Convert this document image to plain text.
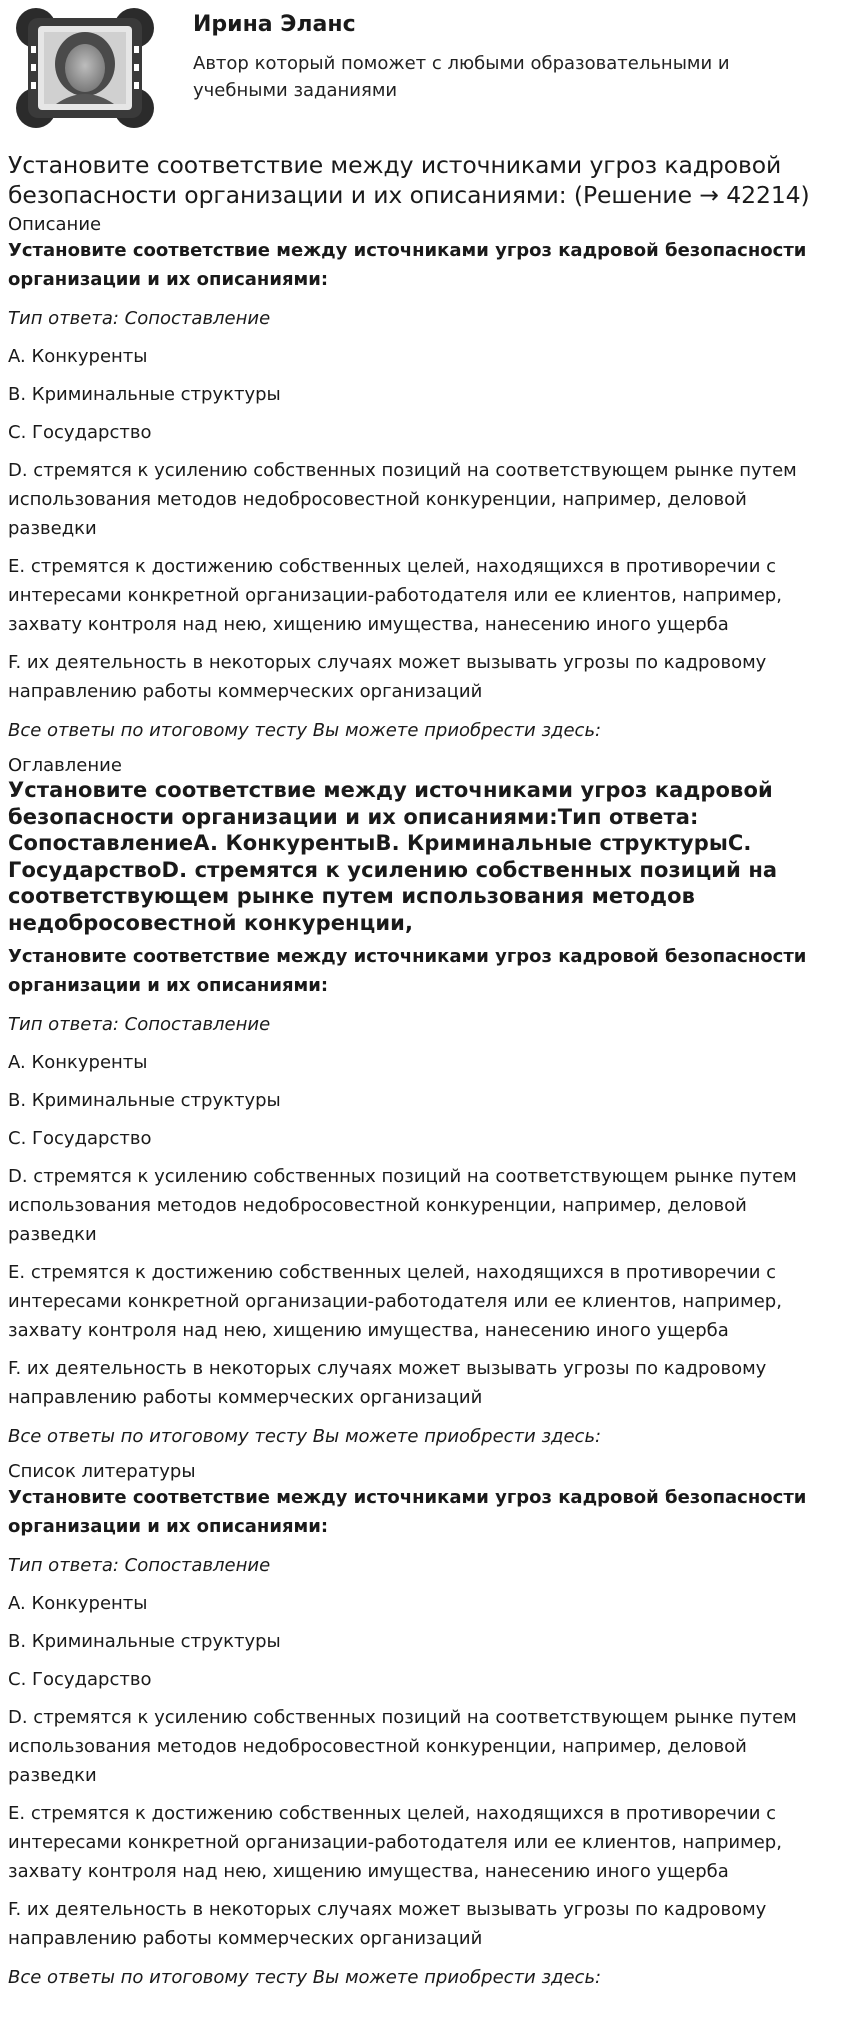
Ирина Эланс
Автор который поможет с любыми образовательными и учебными заданиями
Установите соответствие между источниками угроз кадровой безопасности организации и их описаниями: (Решение → 42214)
Описание

Установите соответствие между источниками угроз кадровой безопасности организации и их описаниями:

Тип ответа: Сопоставление

A. Конкуренты

B. Криминальные структуры

C. Государство

D. стремятся к усилению собственных позиций на соответствующем рынке путем использования методов недобросовестной конкуренции, например, деловой разведки

E. стремятся к достижению собственных целей, находящихся в противоречии с интересами конкретной организации-работодателя или ее клиентов, например, захвату контроля над нею, хищению имущества, нанесению иного ущерба

F. их деятельность в некоторых случаях может вызывать угрозы по кадровому направлению работы коммерческих организаций

Все ответы по итоговому тесту Вы можете приобрести здесь:

Оглавление

Установите соответствие между источниками угроз кадровой безопасности организации и их описаниями:Тип ответа: СопоставлениеA. КонкурентыB. Криминальные структурыC. ГосударствоD. стремятся к усилению собственных позиций на соответствующем рынке путем использования методов недобросовестной конкуренции,

Установите соответствие между источниками угроз кадровой безопасности организации и их описаниями:

Тип ответа: Сопоставление

A. Конкуренты

B. Криминальные структуры

C. Государство

D. стремятся к усилению собственных позиций на соответствующем рынке путем использования методов недобросовестной конкуренции, например, деловой разведки

E. стремятся к достижению собственных целей, находящихся в противоречии с интересами конкретной организации-работодателя или ее клиентов, например, захвату контроля над нею, хищению имущества, нанесению иного ущерба

F. их деятельность в некоторых случаях может вызывать угрозы по кадровому направлению работы коммерческих организаций

Все ответы по итоговому тесту Вы можете приобрести здесь:

Список литературы

Установите соответствие между источниками угроз кадровой безопасности организации и их описаниями:

Тип ответа: Сопоставление

A. Конкуренты

B. Криминальные структуры

C. Государство

D. стремятся к усилению собственных позиций на соответствующем рынке путем использования методов недобросовестной конкуренции, например, деловой разведки

E. стремятся к достижению собственных целей, находящихся в противоречии с интересами конкретной организации-работодателя или ее клиентов, например, захвату контроля над нею, хищению имущества, нанесению иного ущерба

F. их деятельность в некоторых случаях может вызывать угрозы по кадровому направлению работы коммерческих организаций

Все ответы по итоговому тесту Вы можете приобрести здесь:
